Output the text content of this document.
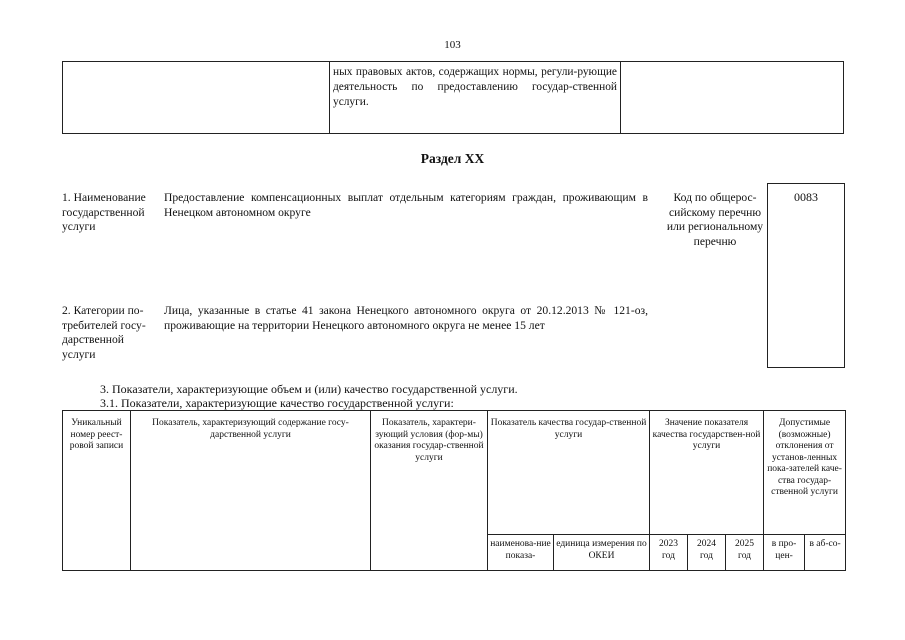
103
ных правовых актов, содержащих нормы, регули-рующие деятельность по предоставлению государ-ственной услуги.
Раздел XX
1. Наименование
государственной
услуги
Предоставление компенсационных выплат отдельным категориям граждан, проживающим в Ненецком автономном округе
Код по общерос-сийскому перечню или региональному перечню
0083
2. Категории по-
требителей госу-
дарственной
услуги
Лица, указанные в статье 41 закона Ненецкого автономного округа от 20.12.2013 № 121-оз, проживающие на территории Ненецкого автономного округа не менее 15 лет
3. Показатели, характеризующие объем и (или) качество государственной услуги.
3.1. Показатели, характеризующие качество государственной услуги:
Уникальный номер реест-ровой записи	Показатель, характеризующий содержание госу-дарственной услуги	Показатель, характери-зующий условия (фор-мы) оказания государ-ственной услуги	Показатель качества государ-ственной услуги		Значение показателя качества государствен-ной услуги			Допустимые (возможные) отклонения от установ-ленных пока-зателей каче-ства государ-ственной услуги	
			наименова-ние показа-	единица измерения по ОКЕИ	2023 год	2024 год	2025 год	в про-цен-	в аб-со-
